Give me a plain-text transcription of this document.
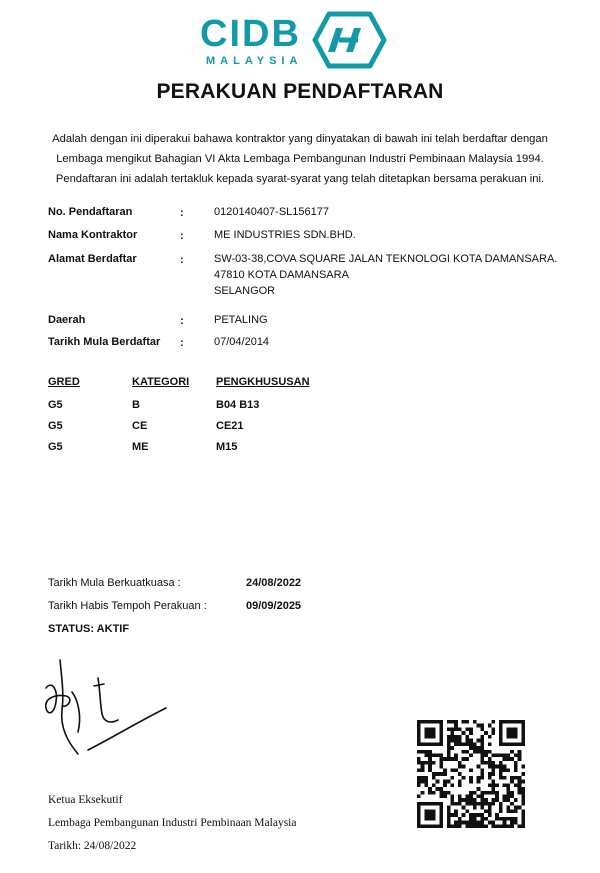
CIDB
MALAYSIA
PERAKUAN PENDAFTARAN
Adalah dengan ini diperakui bahawa kontraktor yang dinyatakan di bawah ini telah berdaftar dengan
Lembaga mengikut Bahagian VI Akta Lembaga Pembangunan Industri Pembinaan Malaysia 1994.
Pendaftaran ini adalah tertakluk kepada syarat-syarat yang telah ditetapkan bersama perakuan ini.
No. Pendaftaran	:	0120140407-SL156177
Nama Kontraktor	:	ME INDUSTRIES SDN.BHD.
Alamat Berdaftar	:	SW-03-38,COVA SQUARE JALAN TEKNOLOGI KOTA DAMANSARA.
47810 KOTA DAMANSARA
SELANGOR
Daerah	:	PETALING
Tarikh Mula Berdaftar :	07/04/2014
GRED	KATEGORI PENGKHUSUSAN
G5	B	B04 B13
G5	CE	CE21
G5	ME	M15
Tarikh Mula Berkuatkuasa :	24/08/2022
Tarikh Habis Tempoh Perakuan :	09/09/2025
STATUS: AKTIF
Ketua Eksekutif
Lembaga Pembangunan Industri Pembinaan Malaysia
Tarikh: 24/08/2022
